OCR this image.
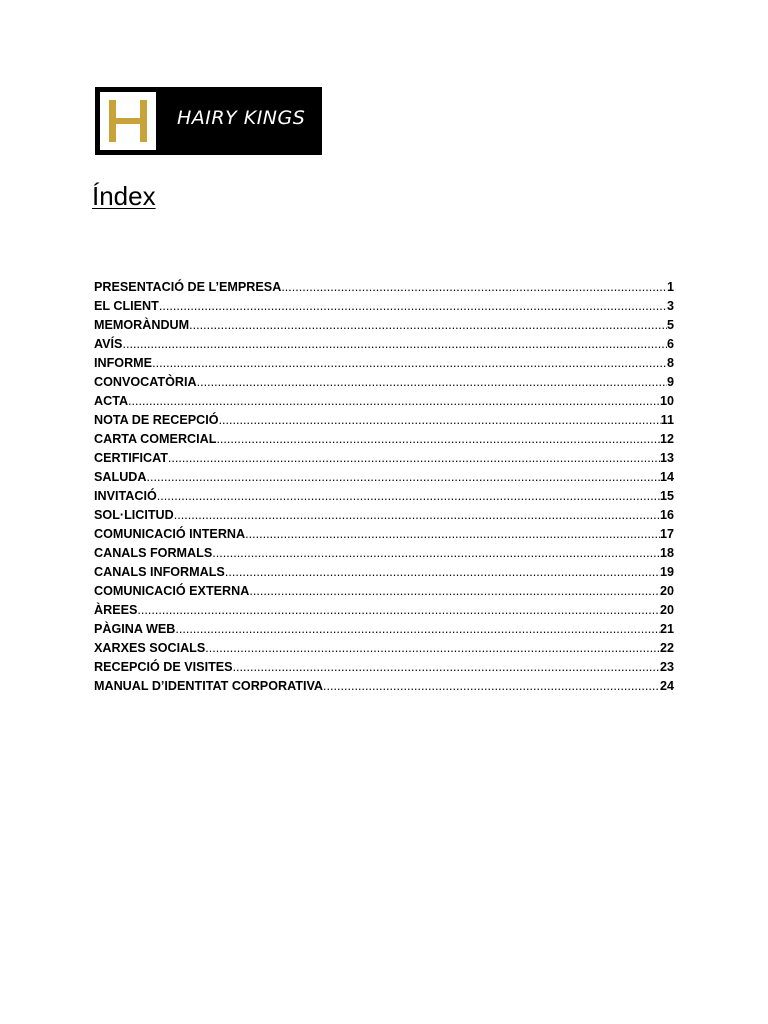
HAIRY KINGS
Índex
PRESENTACIÓ DE L’EMPRESA .....	1
EL CLIENT .....	3
MEMORÀNDUM .....	5
AVÍS .....	6
INFORME .....	8
CONVOCATÒRIA .....	9
ACTA .....	10
NOTA DE RECEPCIÓ .....	11
CARTA COMERCIAL .....	12
CERTIFICAT .....	13
SALUDA .....	14
INVITACIÓ .....	15
SOL·LICITUD .....	16
COMUNICACIÓ INTERNA .....	17
CANALS FORMALS .....	18
CANALS INFORMALS .....	19
COMUNICACIÓ EXTERNA .....	20
ÀREES .....	20
PÀGINA WEB .....	21
XARXES SOCIALS .....	22
RECEPCIÓ DE VISITES .....	23
MANUAL D’IDENTITAT CORPORATIVA .....	24
